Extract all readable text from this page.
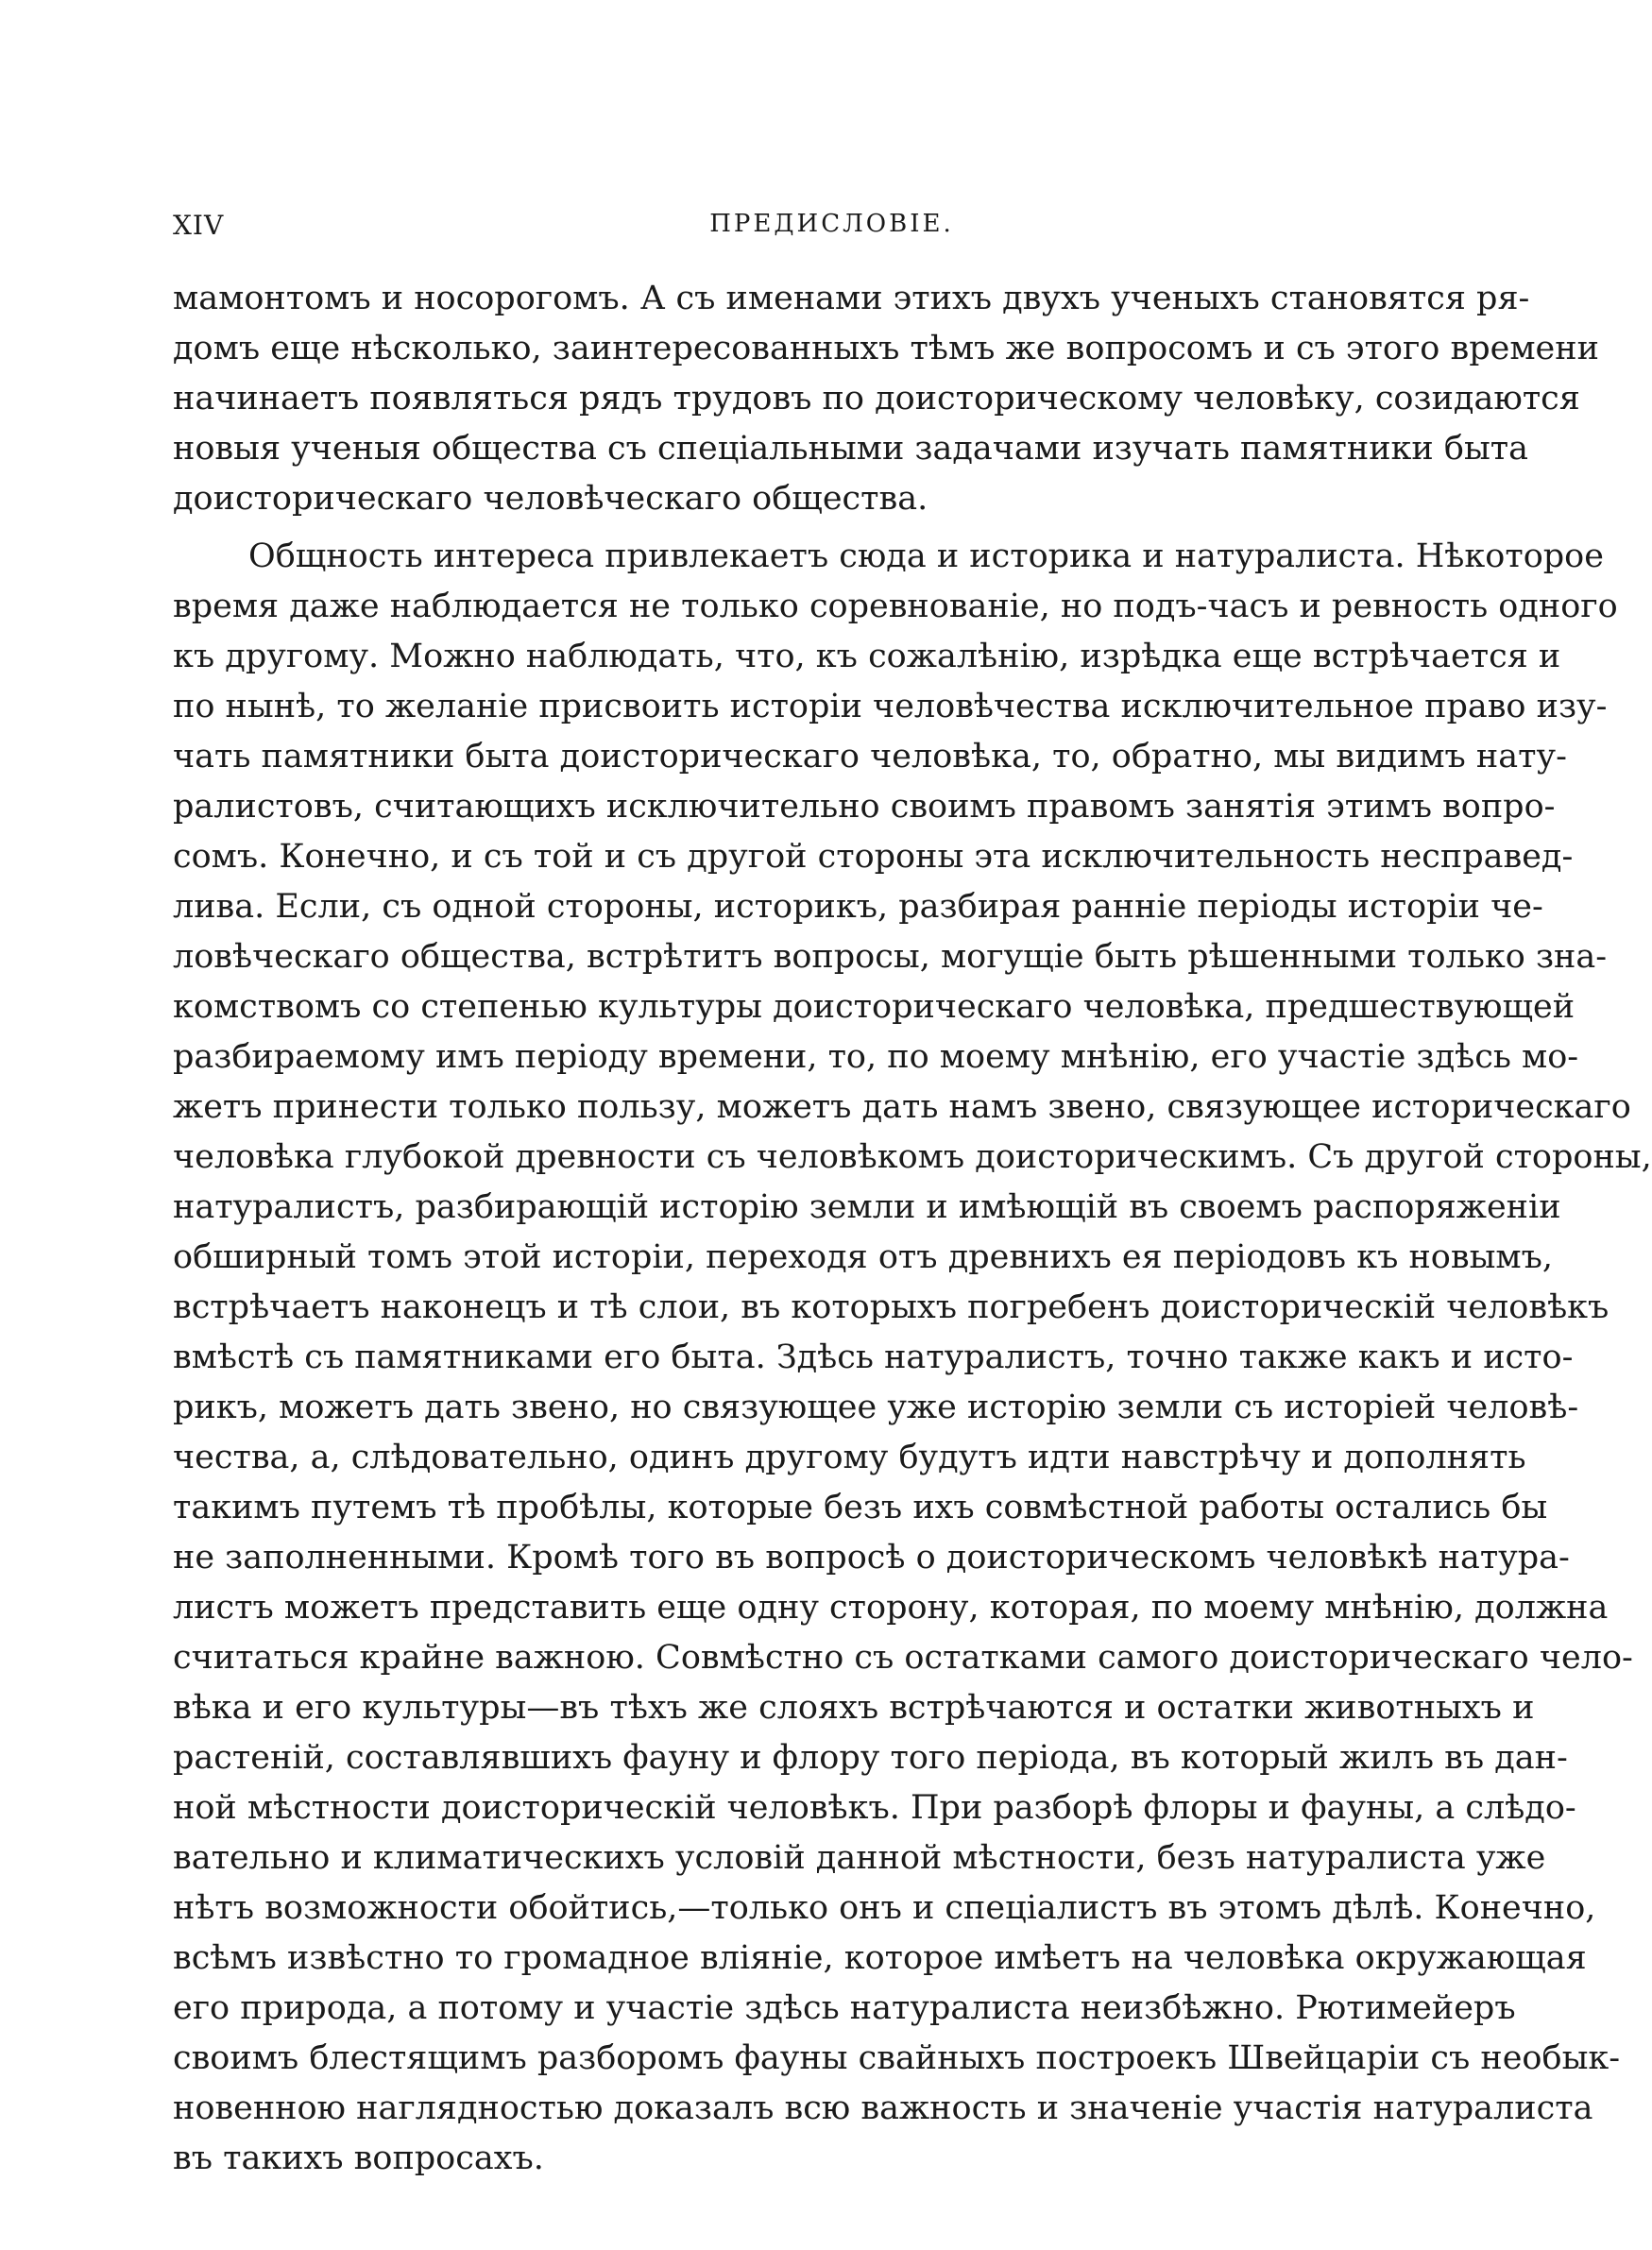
XIV	ПРЕДИСЛОВІЕ.
мамонтомъ и носорогомъ. А съ именами этихъ двухъ ученыхъ становятся ря-
домъ еще нѣсколько, заинтересованныхъ тѣмъ же вопросомъ и съ этого времени
начинаетъ появляться рядъ трудовъ по доисторическому человѣку, созидаются
новыя ученыя общества съ спеціальными задачами изучать памятники быта
доисторическаго человѣческаго общества.
Общность интереса привлекаетъ сюда и историка и натуралиста. Нѣкоторое
время даже наблюдается не только соревнованіе, но подъ-часъ и ревность одного
къ другому. Можно наблюдать, что, къ сожалѣнію, изрѣдка еще встрѣчается и
по нынѣ, то желаніе присвоить исторіи человѣчества исключительное право изу-
чать памятники быта доисторическаго человѣка, то, обратно, мы видимъ нату-
ралистовъ, считающихъ исключительно своимъ правомъ занятія этимъ вопро-
сомъ. Конечно, и съ той и съ другой стороны эта исключительность несправед-
лива. Если, съ одной стороны, историкъ, разбирая ранніе періоды исторіи че-
ловѣческаго общества, встрѣтитъ вопросы, могущіе быть рѣшенными только зна-
комствомъ со степенью культуры доисторическаго человѣка, предшествующей
разбираемому имъ періоду времени, то, по моему мнѣнію, его участіе здѣсь мо-
жетъ принести только пользу, можетъ дать намъ звено, связующее историческаго
человѣка глубокой древности съ человѣкомъ доисторическимъ. Съ другой стороны,
натуралистъ, разбирающій исторію земли и имѣющій въ своемъ распоряженіи
обширный томъ этой исторіи, переходя отъ древнихъ ея періодовъ къ новымъ,
встрѣчаетъ наконецъ и тѣ слои, въ которыхъ погребенъ доисторическій человѣкъ
вмѣстѣ съ памятниками его быта. Здѣсь натуралистъ, точно также какъ и исто-
рикъ, можетъ дать звено, но связующее уже исторію земли съ исторіей человѣ-
чества, а, слѣдовательно, одинъ другому будутъ идти навстрѣчу и дополнять
такимъ путемъ тѣ пробѣлы, которые безъ ихъ совмѣстной работы остались бы
не заполненными. Кромѣ того въ вопросѣ о доисторическомъ человѣкѣ натура-
листъ можетъ представить еще одну сторону, которая, по моему мнѣнію, должна
считаться крайне важною. Совмѣстно съ остатками самого доисторическаго чело-
вѣка и его культуры—въ тѣхъ же слояхъ встрѣчаются и остатки животныхъ и
растеній, составлявшихъ фауну и флору того періода, въ который жилъ въ дан-
ной мѣстности доисторическій человѣкъ. При разборѣ флоры и фауны, а слѣдо-
вательно и климатическихъ условій данной мѣстности, безъ натуралиста уже
нѣтъ возможности обойтись,—только онъ и спеціалистъ въ этомъ дѣлѣ. Конечно,
всѣмъ извѣстно то громадное вліяніе, которое имѣетъ на человѣка окружающая
его природа, а потому и участіе здѣсь натуралиста неизбѣжно. Рютимейеръ
своимъ блестящимъ разборомъ фауны свайныхъ построекъ Швейцаріи съ необык-
новенною наглядностью доказалъ всю важность и значеніе участія натуралиста
въ такихъ вопросахъ.
